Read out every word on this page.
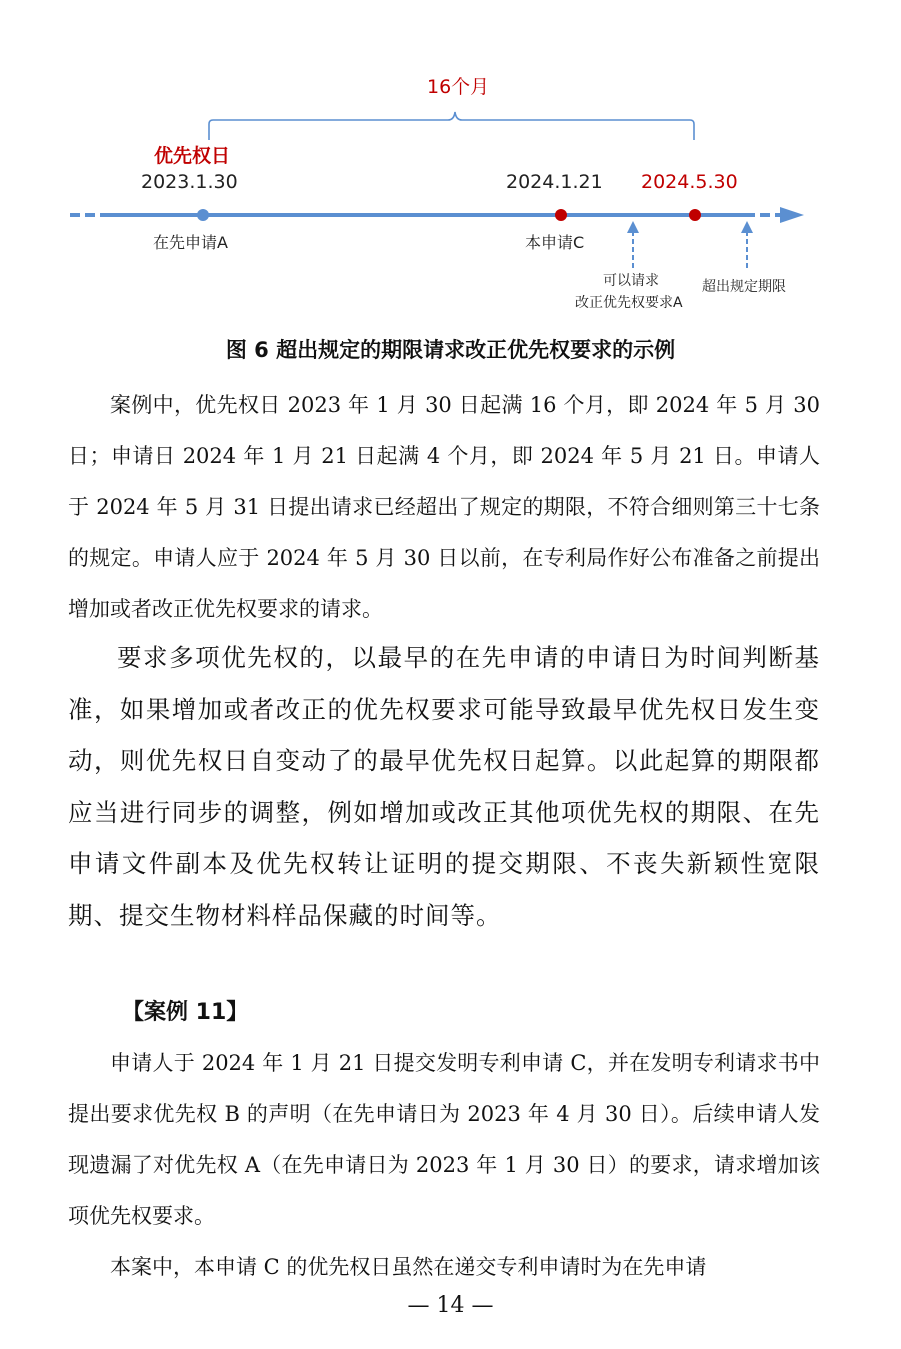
16个月
优先权日
2023.1.30	2024.1.21 2024.5.30
在先申请A	本申请C
可以请求
改正优先权要求A
超出规定期限
图 6 超出规定的期限请求改正优先权要求的示例

案例中，优先权日 2023 年 1 月 30 日起满 16 个月，即 2024 年 5 月 30 日；申请日 2024 年 1 月 21 日起满 4 个月，即 2024 年 5 月 21 日。申请人于 2024 年 5 月 31 日提出请求已经超出了规定的期限，不符合细则第三十七条的规定。申请人应于 2024 年 5 月 30 日以前，在专利局作好公布准备之前提出增加或者改正优先权要求的请求。

要求多项优先权的，以最早的在先申请的申请日为时间判断基准，如果增加或者改正的优先权要求可能导致最早优先权日发生变动，则优先权日自变动了的最早优先权日起算。以此起算的期限都应当进行同步的调整，例如增加或改正其他项优先权的期限、在先申请文件副本及优先权转让证明的提交期限、不丧失新颖性宽限期、提交生物材料样品保藏的时间等。

【案例 11】

申请人于 2024 年 1 月 21 日提交发明专利申请 C，并在发明专利请求书中提出要求优先权 B 的声明（在先申请日为 2023 年 4 月 30 日）。后续申请人发现遗漏了对优先权 A（在先申请日为 2023 年 1 月 30 日）的要求，请求增加该项优先权要求。

本案中，本申请 C 的优先权日虽然在递交专利申请时为在先申请

— 14 —
